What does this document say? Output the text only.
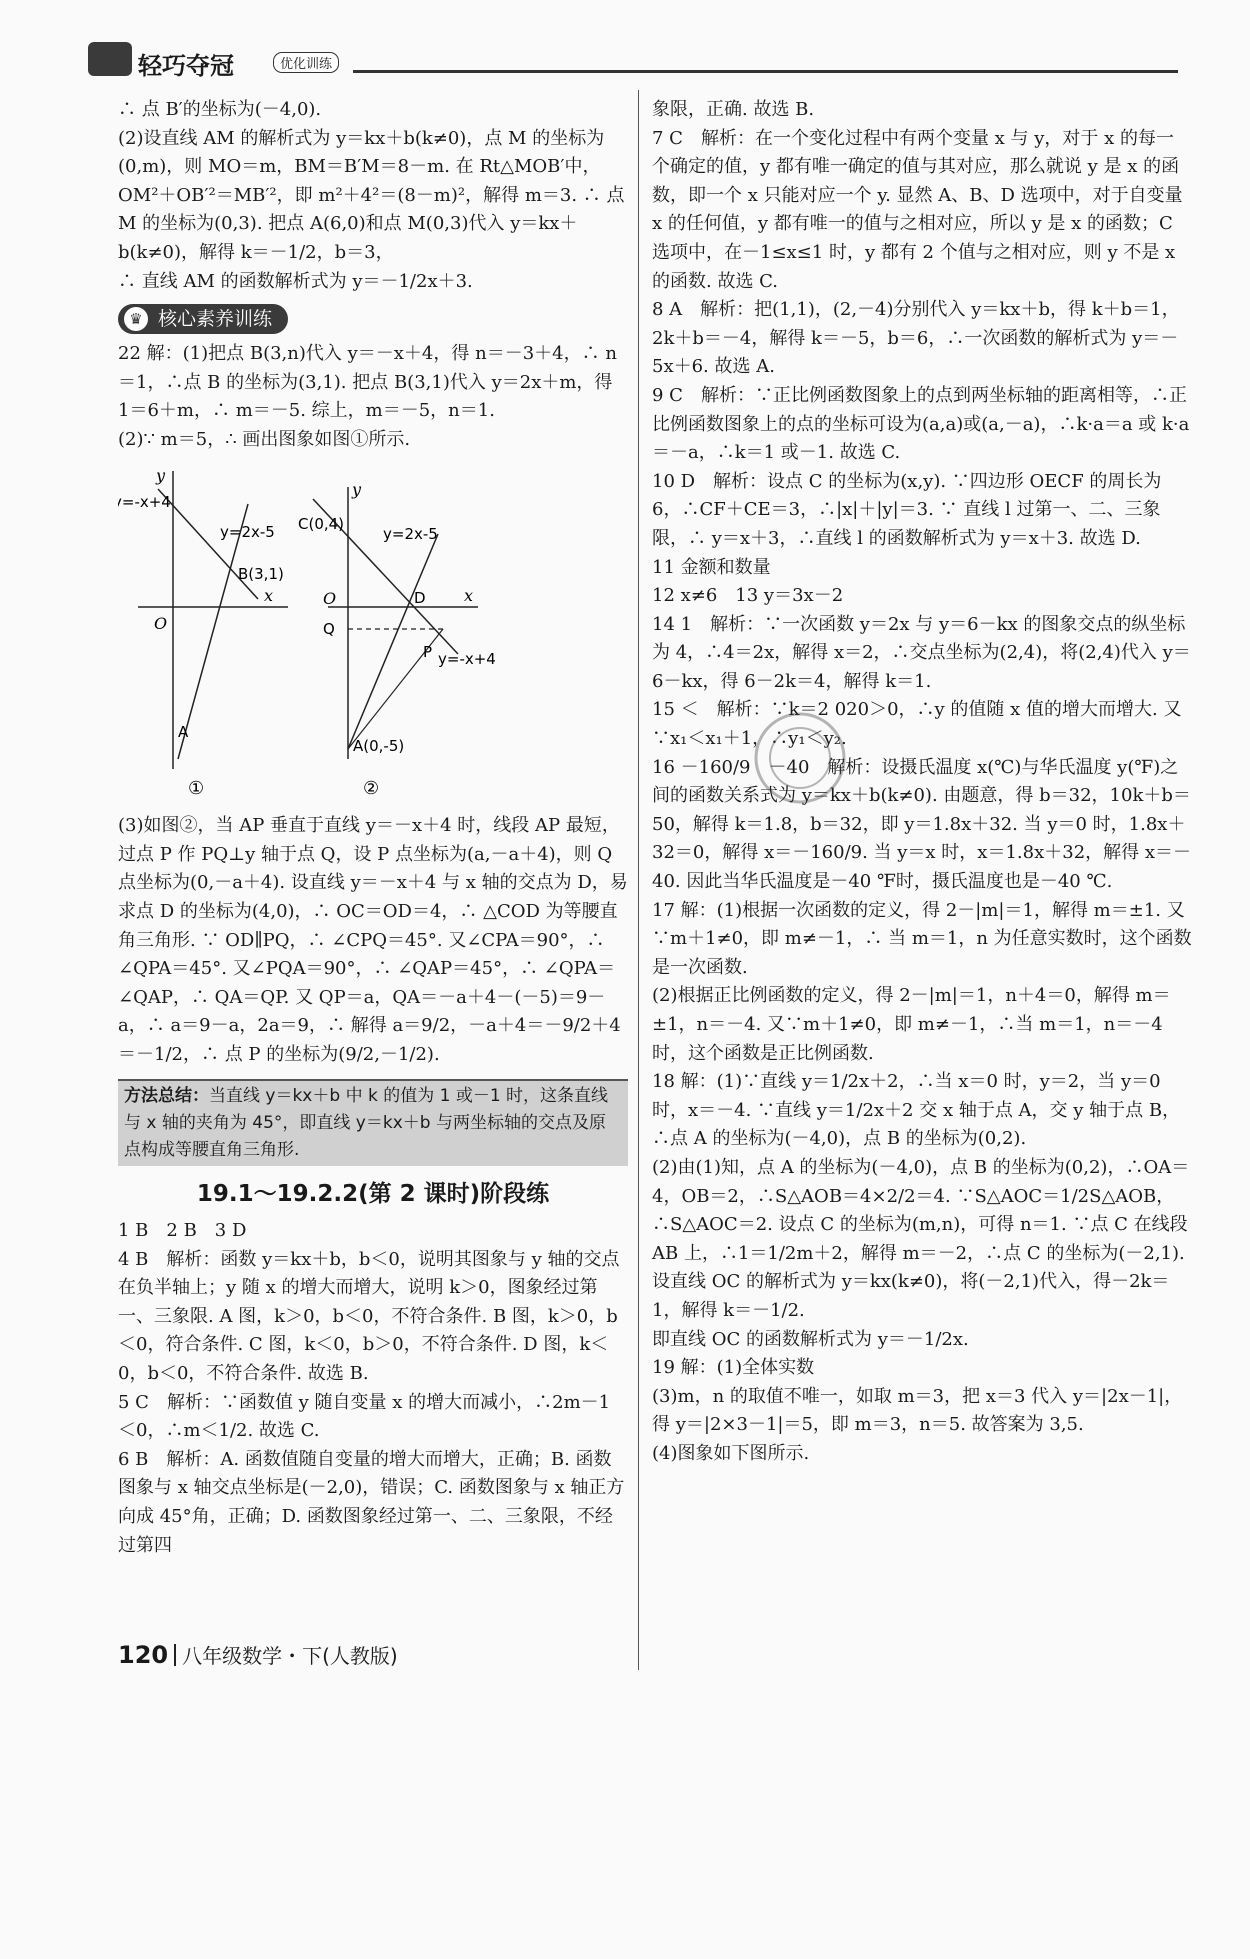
轻巧夺冠	优化训练

∴ 点 B′的坐标为(－4,0).

(2)设直线 AM 的解析式为 y＝kx＋b(k≠0)，点 M 的坐标为(0,m)，则 MO＝m，BM＝B′M＝8－m. 在 Rt△MOB′中，OM²＋OB′²＝MB′²，即 m²＋4²＝(8－m)²，解得 m＝3. ∴ 点 M 的坐标为(0,3). 把点 A(6,0)和点 M(0,3)代入 y＝kx＋b(k≠0)，解得 k＝－1/2，b＝3，

∴ 直线 AM 的函数解析式为 y＝－1/2x＋3.

♛ 核心素养训练

22 解：(1)把点 B(3,n)代入 y＝－x＋4，得 n＝－3＋4，∴ n＝1，∴点 B 的坐标为(3,1). 把点 B(3,1)代入 y＝2x＋m，得 1＝6＋m，∴ m＝－5. 综上，m＝－5，n＝1.

(2)∵ m＝5，∴ 画出图象如图①所示.

y
y=-x+4
y=2x-5
B(3,1)
O
x
A
①
y
C(0,4)
y=2x-5
O	D x
Q
P y=-x+4
A(0,-5)
②

(3)如图②，当 AP 垂直于直线 y＝－x＋4 时，线段 AP 最短，过点 P 作 PQ⊥y 轴于点 Q，设 P 点坐标为(a,－a＋4)，则 Q 点坐标为(0,－a＋4). 设直线 y＝－x＋4 与 x 轴的交点为 D，易求点 D 的坐标为(4,0)，∴ OC＝OD＝4，∴ △COD 为等腰直角三角形. ∵ OD∥PQ，∴ ∠CPQ＝45°. 又∠CPA＝90°，∴ ∠QPA＝45°. 又∠PQA＝90°，∴ ∠QAP＝45°，∴ ∠QPA＝∠QAP，∴ QA＝QP. 又 QP＝a，QA＝－a＋4－(－5)＝9－a，∴ a＝9－a，2a＝9，∴ 解得 a＝9/2，－a＋4＝－9/2＋4＝－1/2，∴ 点 P 的坐标为(9/2,－1/2).

方法总结：当直线 y＝kx＋b 中 k 的值为 1 或－1 时，这条直线与 x 轴的夹角为 45°，即直线 y＝kx＋b 与两坐标轴的交点及原点构成等腰直角三角形.
19.1～19.2.2(第 2 课时)阶段练

1 B　2 B　3 D

4 B　解析：函数 y＝kx＋b，b＜0，说明其图象与 y 轴的交点在负半轴上；y 随 x 的增大而增大，说明 k＞0，图象经过第一、三象限. A 图，k＞0，b＜0，不符合条件. B 图，k＞0，b＜0，符合条件. C 图，k＜0，b＞0，不符合条件. D 图，k＜0，b＜0，不符合条件. 故选 B.

5 C　解析：∵函数值 y 随自变量 x 的增大而减小，∴2m－1＜0，∴m＜1/2. 故选 C.

6 B　解析：A. 函数值随自变量的增大而增大，正确；B. 函数图象与 x 轴交点坐标是(－2,0)，错误；C. 函数图象与 x 轴正方向成 45°角，正确；D. 函数图象经过第一、二、三象限，不经过第四

象限，正确. 故选 B.

7 C　解析：在一个变化过程中有两个变量 x 与 y，对于 x 的每一个确定的值，y 都有唯一确定的值与其对应，那么就说 y 是 x 的函数，即一个 x 只能对应一个 y. 显然 A、B、D 选项中，对于自变量 x 的任何值，y 都有唯一的值与之相对应，所以 y 是 x 的函数；C 选项中，在－1≤x≤1 时，y 都有 2 个值与之相对应，则 y 不是 x 的函数. 故选 C.

8 A　解析：把(1,1)，(2,－4)分别代入 y＝kx＋b，得 k＋b＝1，2k＋b＝－4，解得 k＝－5，b＝6，∴一次函数的解析式为 y＝－5x＋6. 故选 A.

9 C　解析：∵正比例函数图象上的点到两坐标轴的距离相等，∴正比例函数图象上的点的坐标可设为(a,a)或(a,－a)，∴k·a＝a 或 k·a＝－a，∴k＝1 或－1. 故选 C.

10 D　解析：设点 C 的坐标为(x,y). ∵四边形 OECF 的周长为 6，∴CF＋CE＝3，∴|x|＋|y|＝3. ∵ 直线 l 过第一、二、三象限，∴ y＝x＋3，∴直线 l 的函数解析式为 y＝x＋3. 故选 D.

11 金额和数量

12 x≠6　13 y＝3x－2

14 1　解析：∵一次函数 y＝2x 与 y＝6－kx 的图象交点的纵坐标为 4，∴4＝2x，解得 x＝2，∴交点坐标为(2,4)，将(2,4)代入 y＝6－kx，得 6－2k＝4，解得 k＝1.

15 ＜　解析：∵k＝2 020＞0，∴y 的值随 x 值的增大而增大. 又∵x₁＜x₁＋1，∴y₁＜y₂.

16 －160/9　－40　解析：设摄氏温度 x(℃)与华氏温度 y(℉)之间的函数关系式为 y＝kx＋b(k≠0). 由题意，得 b＝32，10k＋b＝50，解得 k＝1.8，b＝32，即 y＝1.8x＋32. 当 y＝0 时，1.8x＋32＝0，解得 x＝－160/9. 当 y＝x 时，x＝1.8x＋32，解得 x＝－40. 因此当华氏温度是－40 ℉时，摄氏温度也是－40 ℃.

17 解：(1)根据一次函数的定义，得 2－|m|＝1，解得 m＝±1. 又∵m＋1≠0，即 m≠－1，∴ 当 m＝1，n 为任意实数时，这个函数是一次函数.

(2)根据正比例函数的定义，得 2－|m|＝1，n＋4＝0，解得 m＝±1，n＝－4. 又∵m＋1≠0，即 m≠－1，∴当 m＝1，n＝－4 时，这个函数是正比例函数.

18 解：(1)∵直线 y＝1/2x＋2，∴当 x＝0 时，y＝2，当 y＝0 时，x＝－4. ∵直线 y＝1/2x＋2 交 x 轴于点 A，交 y 轴于点 B，∴点 A 的坐标为(－4,0)，点 B 的坐标为(0,2).

(2)由(1)知，点 A 的坐标为(－4,0)，点 B 的坐标为(0,2)，∴OA＝4，OB＝2，∴S△AOB＝4×2/2＝4. ∵S△AOC＝1/2S△AOB，∴S△AOC＝2. 设点 C 的坐标为(m,n)，可得 n＝1. ∵点 C 在线段 AB 上，∴1＝1/2m＋2，解得 m＝－2，∴点 C 的坐标为(－2,1). 设直线 OC 的解析式为 y＝kx(k≠0)，将(－2,1)代入，得－2k＝1，解得 k＝－1/2.

即直线 OC 的函数解析式为 y＝－1/2x.

19 解：(1)全体实数

(3)m，n 的取值不唯一，如取 m＝3，把 x＝3 代入 y＝|2x－1|，得 y＝|2×3－1|＝5，即 m＝3，n＝5. 故答案为 3,5.

(4)图象如下图所示.

120 八年级数学・下(人教版)
